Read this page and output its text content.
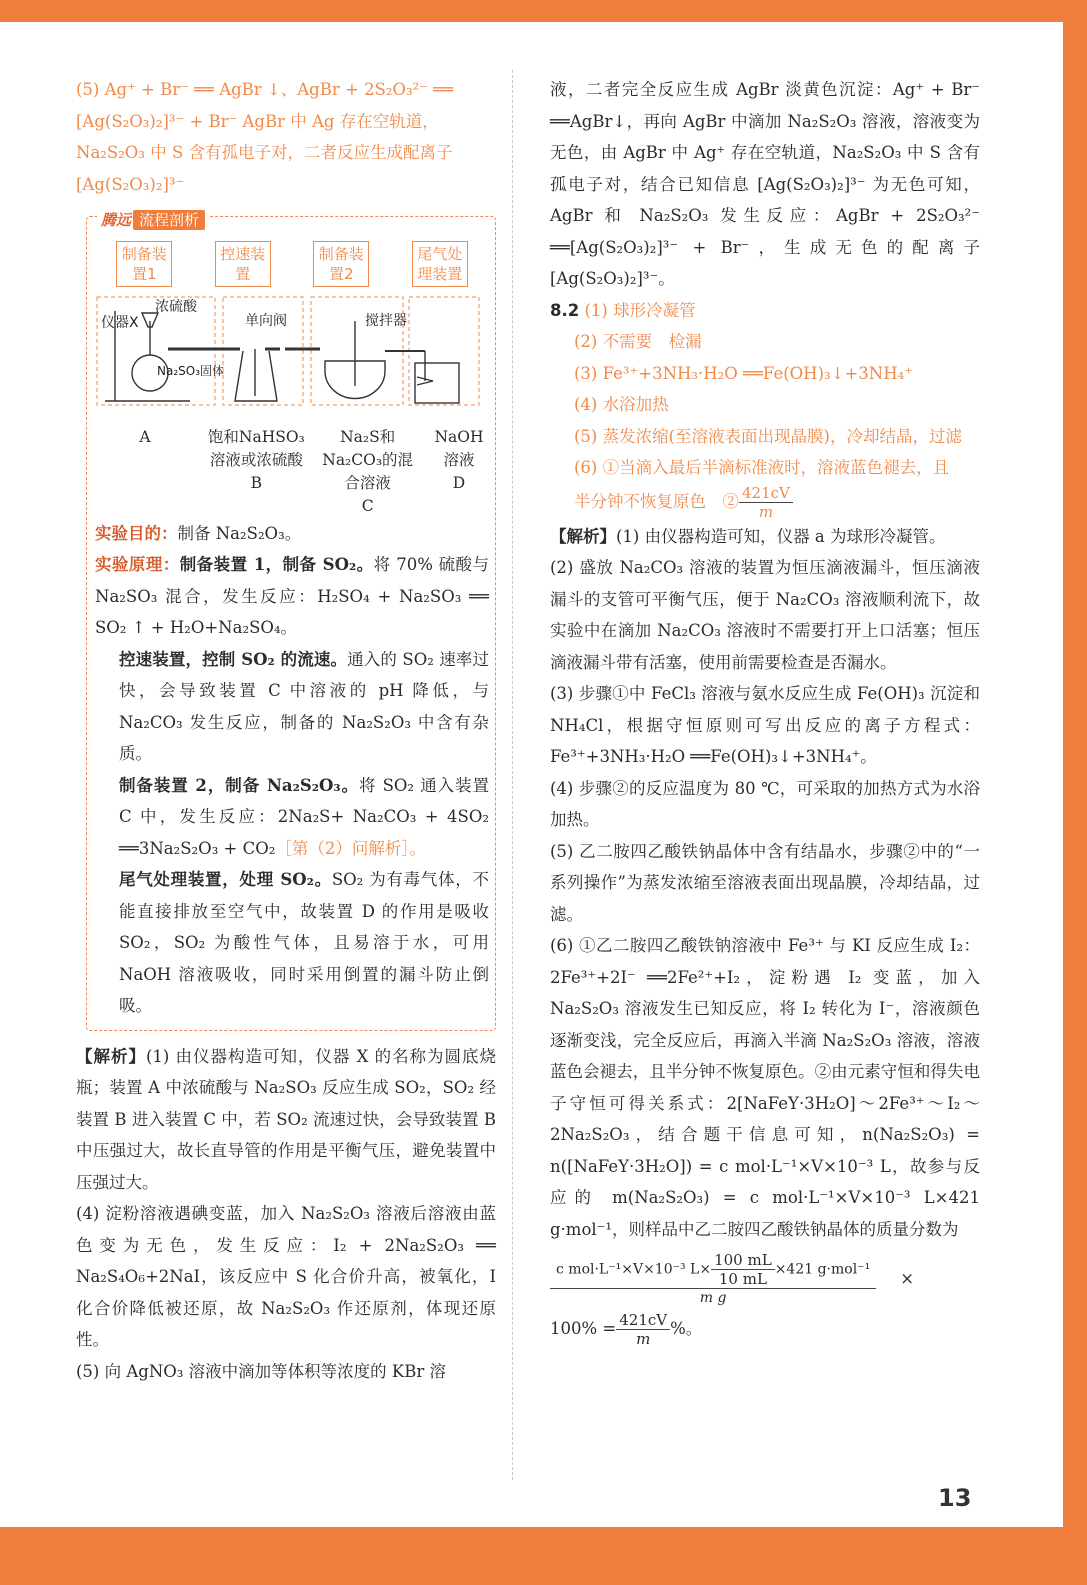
(5) Ag⁺ + Br⁻ ══ AgBr ↓、AgBr + 2S₂O₃²⁻ ══

[Ag(S₂O₃)₂]³⁻ + Br⁻ AgBr 中 Ag 存在空轨道，

Na₂S₂O₃ 中 S 含有孤电子对，二者反应生成配离子

[Ag(S₂O₃)₂]³⁻

腾远 流程剖析
制备装置1
控速装置
制备装置2
尾气处理装置
仪器X
浓硫酸
Na₂SO₃固体
单向阀	搅拌器
A	饱和NaHSO₃溶液或浓硫酸
B
Na₂S和Na₂CO₃的混合溶液
C
NaOH溶液
D

实验目的：制备 Na₂S₂O₃。

实验原理：制备装置 1，制备 SO₂。将 70% 硫酸与 Na₂SO₃ 混合，发生反应：H₂SO₄ + Na₂SO₃ ══ SO₂ ↑ + H₂O+Na₂SO₄。

控速装置，控制 SO₂ 的流速。通入的 SO₂ 速率过快，会导致装置 C 中溶液的 pH 降低，与 Na₂CO₃ 发生反应，制备的 Na₂S₂O₃ 中含有杂质。

制备装置 2，制备 Na₂S₂O₃。将 SO₂ 通入装置 C 中，发生反应：2Na₂S+ Na₂CO₃ + 4SO₂ ══3Na₂S₂O₃ + CO₂［第（2）问解析］。

尾气处理装置，处理 SO₂。SO₂ 为有毒气体，不能直接排放至空气中，故装置 D 的作用是吸收 SO₂，SO₂ 为酸性气体，且易溶于水，可用 NaOH 溶液吸收，同时采用倒置的漏斗防止倒吸。

【解析】(1) 由仪器构造可知，仪器 X 的名称为圆底烧瓶；装置 A 中浓硫酸与 Na₂SO₃ 反应生成 SO₂，SO₂ 经装置 B 进入装置 C 中，若 SO₂ 流速过快，会导致装置 B 中压强过大，故长直导管的作用是平衡气压，避免装置中压强过大。

(4) 淀粉溶液遇碘变蓝，加入 Na₂S₂O₃ 溶液后溶液由蓝色变为无色，发生反应：I₂ + 2Na₂S₂O₃ ══ Na₂S₄O₆+2NaI，该反应中 S 化合价升高，被氧化，I 化合价降低被还原，故 Na₂S₂O₃ 作还原剂，体现还原性。

(5) 向 AgNO₃ 溶液中滴加等体积等浓度的 KBr 溶

液，二者完全反应生成 AgBr 淡黄色沉淀：Ag⁺ + Br⁻ ══AgBr↓，再向 AgBr 中滴加 Na₂S₂O₃ 溶液，溶液变为无色，由 AgBr 中 Ag⁺ 存在空轨道，Na₂S₂O₃ 中 S 含有孤电子对，结合已知信息 [Ag(S₂O₃)₂]³⁻ 为无色可知，AgBr 和 Na₂S₂O₃ 发生反应：AgBr + 2S₂O₃²⁻ ══[Ag(S₂O₃)₂]³⁻ + Br⁻，生成无色的配离子 [Ag(S₂O₃)₂]³⁻。

8.2 (1) 球形冷凝管

(2) 不需要　检漏

(3) Fe³⁺+3NH₃·H₂O ══Fe(OH)₃↓+3NH₄⁺

(4) 水浴加热

(5) 蒸发浓缩(至溶液表面出现晶膜)，冷却结晶，过滤

(6) ①当滴入最后半滴标准液时，溶液蓝色褪去，且

半分钟不恢复原色　② $\frac{421cV}{m}$

【解析】(1) 由仪器构造可知，仪器 a 为球形冷凝管。

(2) 盛放 Na₂CO₃ 溶液的装置为恒压滴液漏斗，恒压滴液漏斗的支管可平衡气压，便于 Na₂CO₃ 溶液顺利流下，故实验中在滴加 Na₂CO₃ 溶液时不需要打开上口活塞；恒压滴液漏斗带有活塞，使用前需要检查是否漏水。

(3) 步骤①中 FeCl₃ 溶液与氨水反应生成 Fe(OH)₃ 沉淀和 NH₄Cl，根据守恒原则可写出反应的离子方程式：Fe³⁺+3NH₃·H₂O ══Fe(OH)₃↓+3NH₄⁺。

(4) 步骤②的反应温度为 80 ℃，可采取的加热方式为水浴加热。

(5) 乙二胺四乙酸铁钠晶体中含有结晶水，步骤②中的“一系列操作”为蒸发浓缩至溶液表面出现晶膜，冷却结晶，过滤。

(6) ①乙二胺四乙酸铁钠溶液中 Fe³⁺ 与 KI 反应生成 I₂：2Fe³⁺+2I⁻ ══2Fe²⁺+I₂，淀粉遇 I₂ 变蓝，加入 Na₂S₂O₃ 溶液发生已知反应，将 I₂ 转化为 I⁻，溶液颜色逐渐变浅，完全反应后，再滴入半滴 Na₂S₂O₃ 溶液，溶液蓝色会褪去，且半分钟不恢复原色。②由元素守恒和得失电子守恒可得关系式：2[NaFeY·3H₂O]～2Fe³⁺～I₂～2Na₂S₂O₃，结合题干信息可知，n(Na₂S₂O₃) = n([NaFeY·3H₂O]) = c mol·L⁻¹×V×10⁻³ L，故参与反应的 m(Na₂S₂O₃) = c mol·L⁻¹×V×10⁻³ L×421 g·mol⁻¹，则样品中乙二胺四乙酸铁钠晶体的质量分数为

$\frac{c mol\cdot L^{-1}\times V\times 10^{-3} L\times \frac{100 mL}{10 mL} \times 421 g\cdot mol^{-1}}{\text{m g}}$ ×

$100\% = \frac{421cV}{m}$ %。

13
